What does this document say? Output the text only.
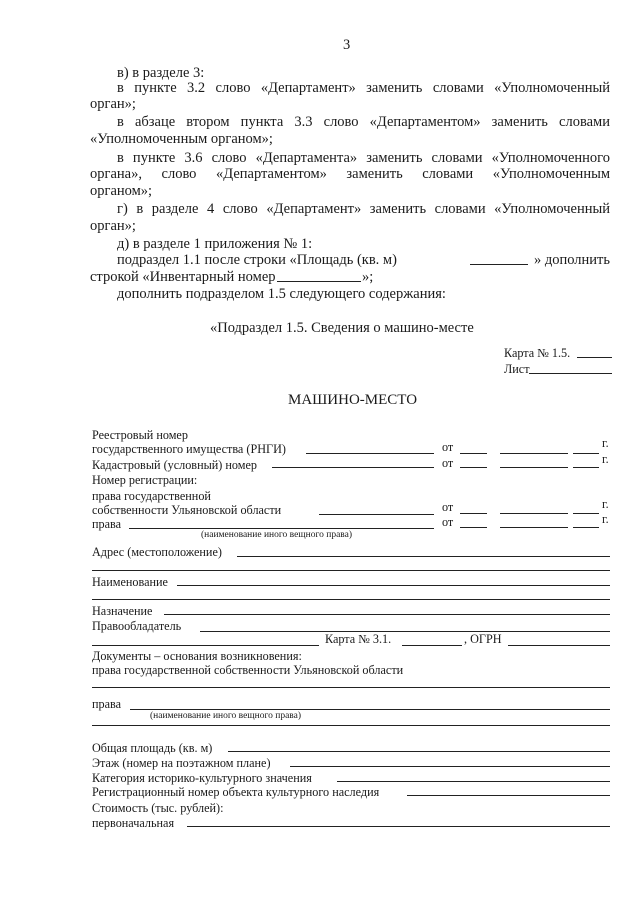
3
в) в разделе 3:
в пункте 3.2 слово «Департамент» заменить словами «Уполномоченный
орган»;
в абзаце втором пункта 3.3 слово «Департаментом» заменить словами
«Уполномоченным органом»;
в пункте 3.6 слово «Департамента» заменить словами «Уполномоченного
органа», слово «Департаментом» заменить словами «Уполномоченным
органом»;
г) в разделе 4 слово «Департамент» заменить словами «Уполномоченный
орган»;
д) в разделе 1 приложения № 1:
подраздел 1.1 после строки «Площадь (кв. м)	» дополнить
строкой «Инвентарный номер	»;
дополнить подразделом 1.5 следующего содержания:
«Подраздел 1.5. Сведения о машино-месте
Карта № 1.5.
Лист
МАШИНО-МЕСТО
Реестровый номер
государственного имущества (РНГИ)	от	г.
Кадастровый (условный) номер	от	г.
Номер регистрации:
права государственной
собственности Ульяновской области	от	г.
права	от	г.
(наименование иного вещного права)
Адрес (местоположение)
Наименование
Назначение
Правообладатель
Карта № 3.1.	, ОГРН
Документы – основания возникновения:
права государственной собственности Ульяновской области
права
(наименование иного вещного права)
Общая площадь (кв. м)
Этаж (номер на поэтажном плане)
Категория историко-культурного значения
Регистрационный номер объекта культурного наследия
Стоимость (тыс. рублей):
первоначальная
